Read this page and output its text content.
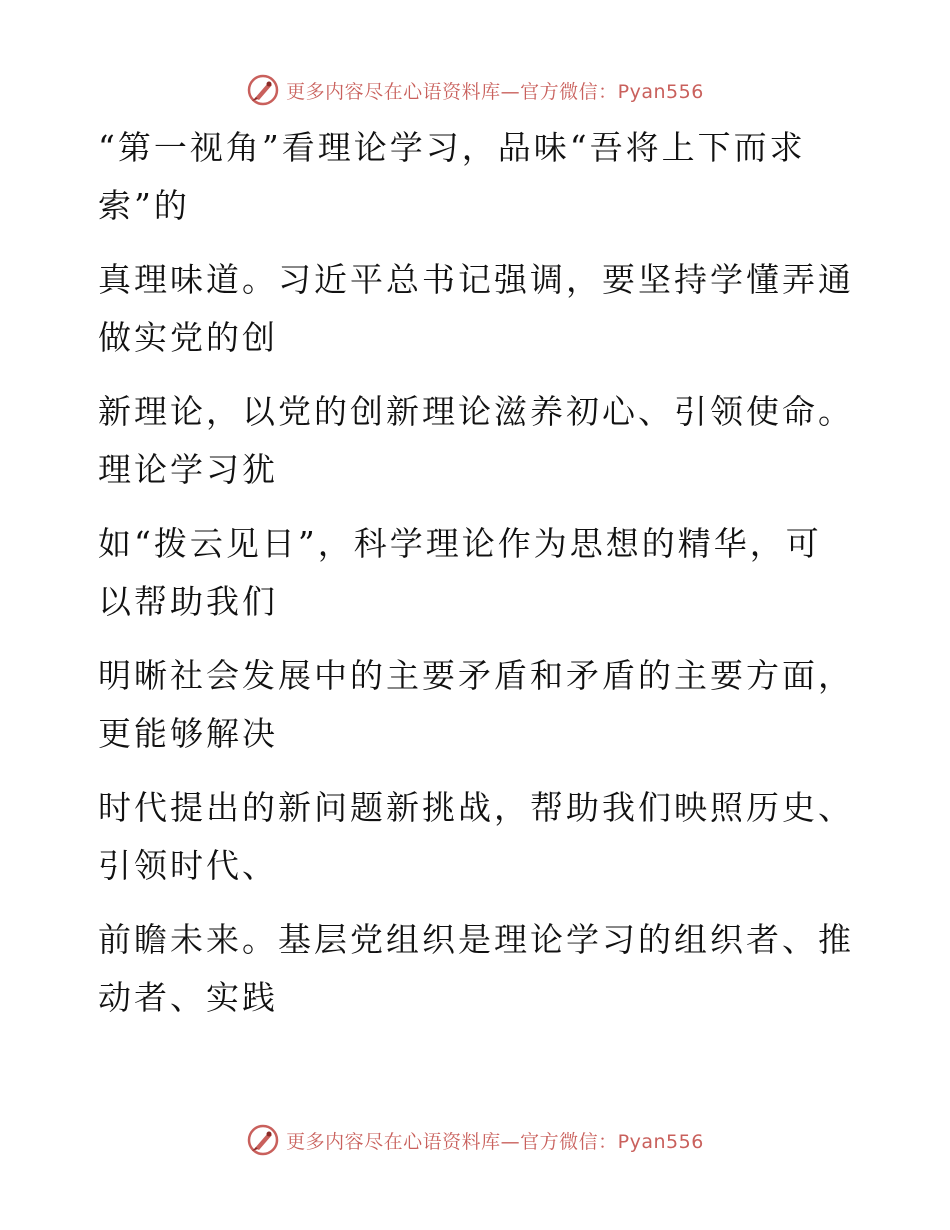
更多内容尽在心语资料库—官方微信：Pyan556
“第一视角”看理论学习，品味“吾将上下而求
索”的
真理味道。习近平总书记强调，要坚持学懂弄通
做实党的创
新理论，以党的创新理论滋养初心、引领使命。
理论学习犹
如“拨云见日”，科学理论作为思想的精华，可
以帮助我们
明晰社会发展中的主要矛盾和矛盾的主要方面，
更能够解决
时代提出的新问题新挑战，帮助我们映照历史、
引领时代、
前瞻未来。基层党组织是理论学习的组织者、推
动者、实践
更多内容尽在心语资料库—官方微信：Pyan556
